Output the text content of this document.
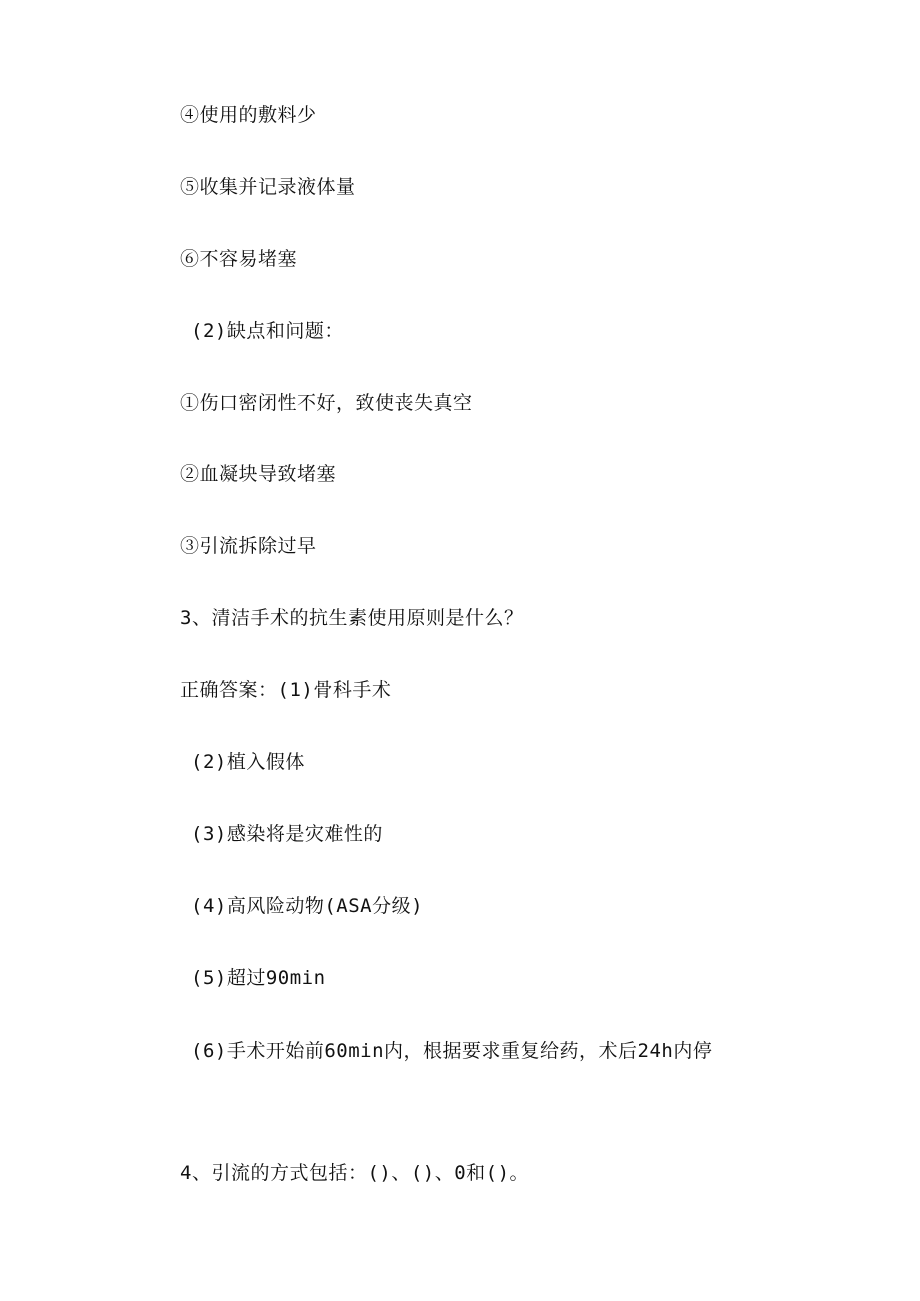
④使用的敷料少
⑤收集并记录液体量
⑥不容易堵塞
(2)缺点和问题：
①伤口密闭性不好，致使丧失真空
②血凝块导致堵塞
③引流拆除过早
3、清洁手术的抗生素使用原则是什么？
正确答案：(1)骨科手术
(2)植入假体
(3)感染将是灾难性的
(4)高风险动物(ASA分级)
(5)超过90min
(6)手术开始前60min内，根据要求重复给药，术后24h内停
4、引流的方式包括：()、()、0和()。
